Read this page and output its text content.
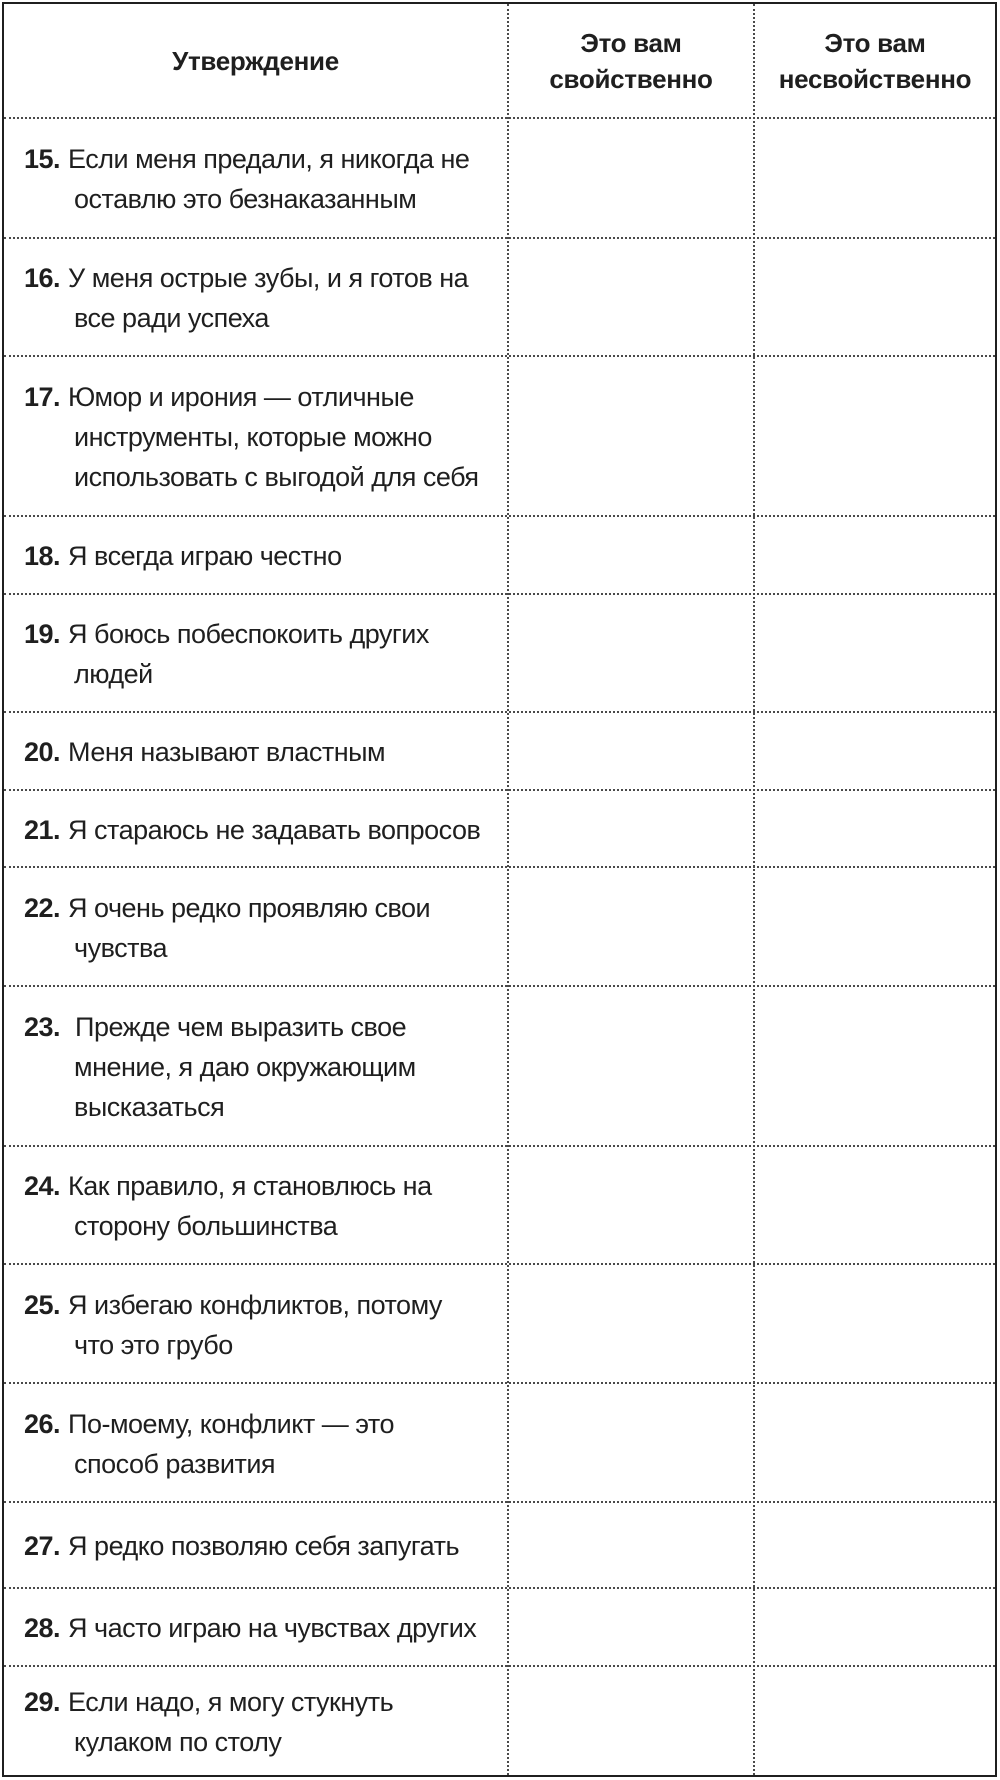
Утверждение
Это вам
свойственно
Это вам
несвойственно
15. Если меня предали, я никогда не
оставлю это безнаказанным
16. У меня острые зубы, и я готов на
все ради успеха
17. Юмор и ирония — отличные
инструменты, которые можно
использовать с выгодой для себя
18. Я всегда играю честно
19. Я боюсь побеспокоить других
людей
20. Меня называют властным
21. Я стараюсь не задавать вопросов
22. Я очень редко проявляю свои
чувства
23. Прежде чем выразить свое
мнение, я даю окружающим
высказаться
24. Как правило, я становлюсь на
сторону большинства
25. Я избегаю конфликтов, потому
что это грубо
26. По-моему, конфликт — это
способ развития
27. Я редко позволяю себя запугать
28. Я часто играю на чувствах других
29. Если надо, я могу стукнуть
кулаком по столу
